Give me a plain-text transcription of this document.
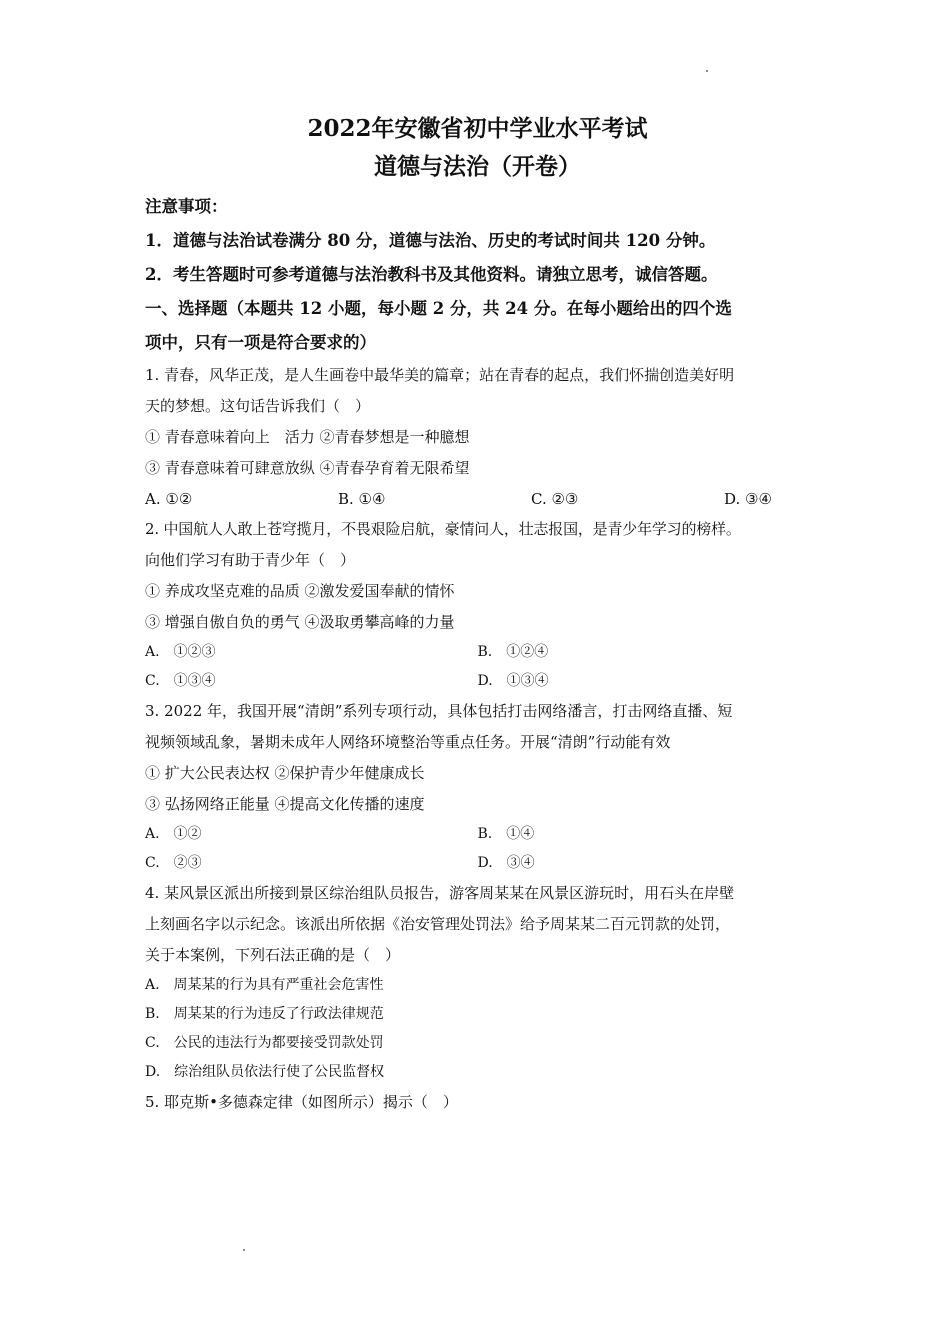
2022年安徽省初中学业水平考试

道德与法治（开卷）

注意事项：

1．道德与法治试卷满分 80 分，道德与法治、历史的考试时间共 120 分钟。

2．考生答题时可参考道德与法治教科书及其他资料。请独立思考，诚信答题。

一、选择题（本题共 12 小题，每小题 2 分，共 24 分。在每小题给出的四个选

项中，只有一项是符合要求的）

1. 青春，风华正茂，是人生画卷中最华美的篇章；站在青春的起点，我们怀揣创造美好明

天的梦想。这句话告诉我们（　）

① 青春意味着向上　活力 ②青春梦想是一种臆想

③ 青春意味着可肆意放纵 ④青春孕育着无限希望

A. ①②	B. ①④	C. ②③	D. ③④

2. 中国航人人敢上苍穹揽月，不畏艰险启航，豪情问人，壮志报国，是青少年学习的榜样。

向他们学习有助于青少年（　）

① 养成攻坚克难的品质 ②激发爱国奉献的情怀

③ 增强自傲自负的勇气 ④汲取勇攀高峰的力量

A.　①②③	B.　①②④
C.　①③④	D.　①③④

3. 2022 年，我国开展“清朗”系列专项行动，具体包括打击网络潘言，打击网络直播、短

视频领域乱象，暑期未成年人网络环境整治等重点任务。开展“清朗”行动能有效

① 扩大公民表达权 ②保护青少年健康成长

③ 弘扬网络正能量 ④提高文化传播的速度

A.　①②	B.　①④
C.　②③	D.　③④

4. 某风景区派出所接到景区综治组队员报告，游客周某某在风景区游玩时，用石头在岸壁

上刻画名字以示纪念。该派出所依据《治安管理处罚法》给予周某某二百元罚款的处罚，

关于本案例，下列石法正确的是（　）

A.　周某某的行为具有严重社会危害性

B.　周某某的行为违反了行政法律规范

C.　公民的违法行为都要接受罚款处罚

D.　综治组队员依法行使了公民监督权

5. 耶克斯•多德森定律（如图所示）揭示（　）
